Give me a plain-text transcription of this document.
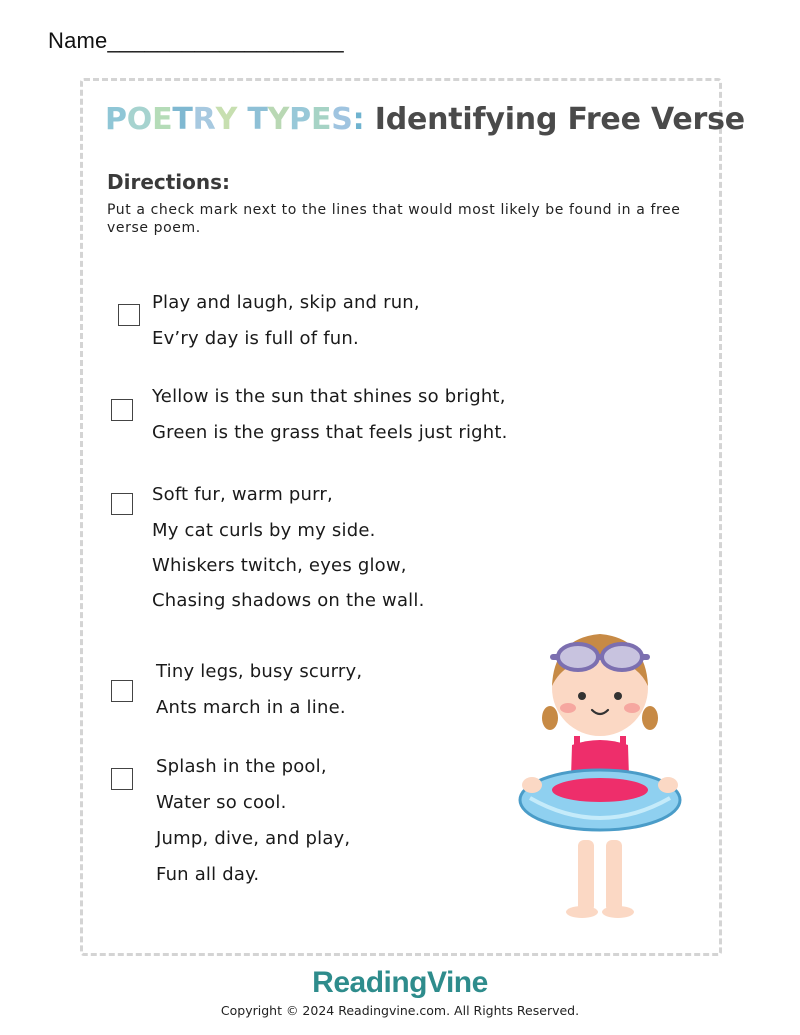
Name___________________
POETRY TYPES: Identifying Free Verse
Directions:
Put a check mark next to the lines that would most likely be found in a free verse poem.
Play and laugh, skip and run,
Ev’ry day is full of fun.
Yellow is the sun that shines so bright,
Green is the grass that feels just right.
Soft fur, warm purr,
My cat curls by my side.
Whiskers twitch, eyes glow,
Chasing shadows on the wall.
Tiny legs, busy scurry,
Ants march in a line.
Splash in the pool,
Water so cool.
Jump, dive, and play,
Fun all day.
ReadingVine
Copyright © 2024 Readingvine.com. All Rights Reserved.
